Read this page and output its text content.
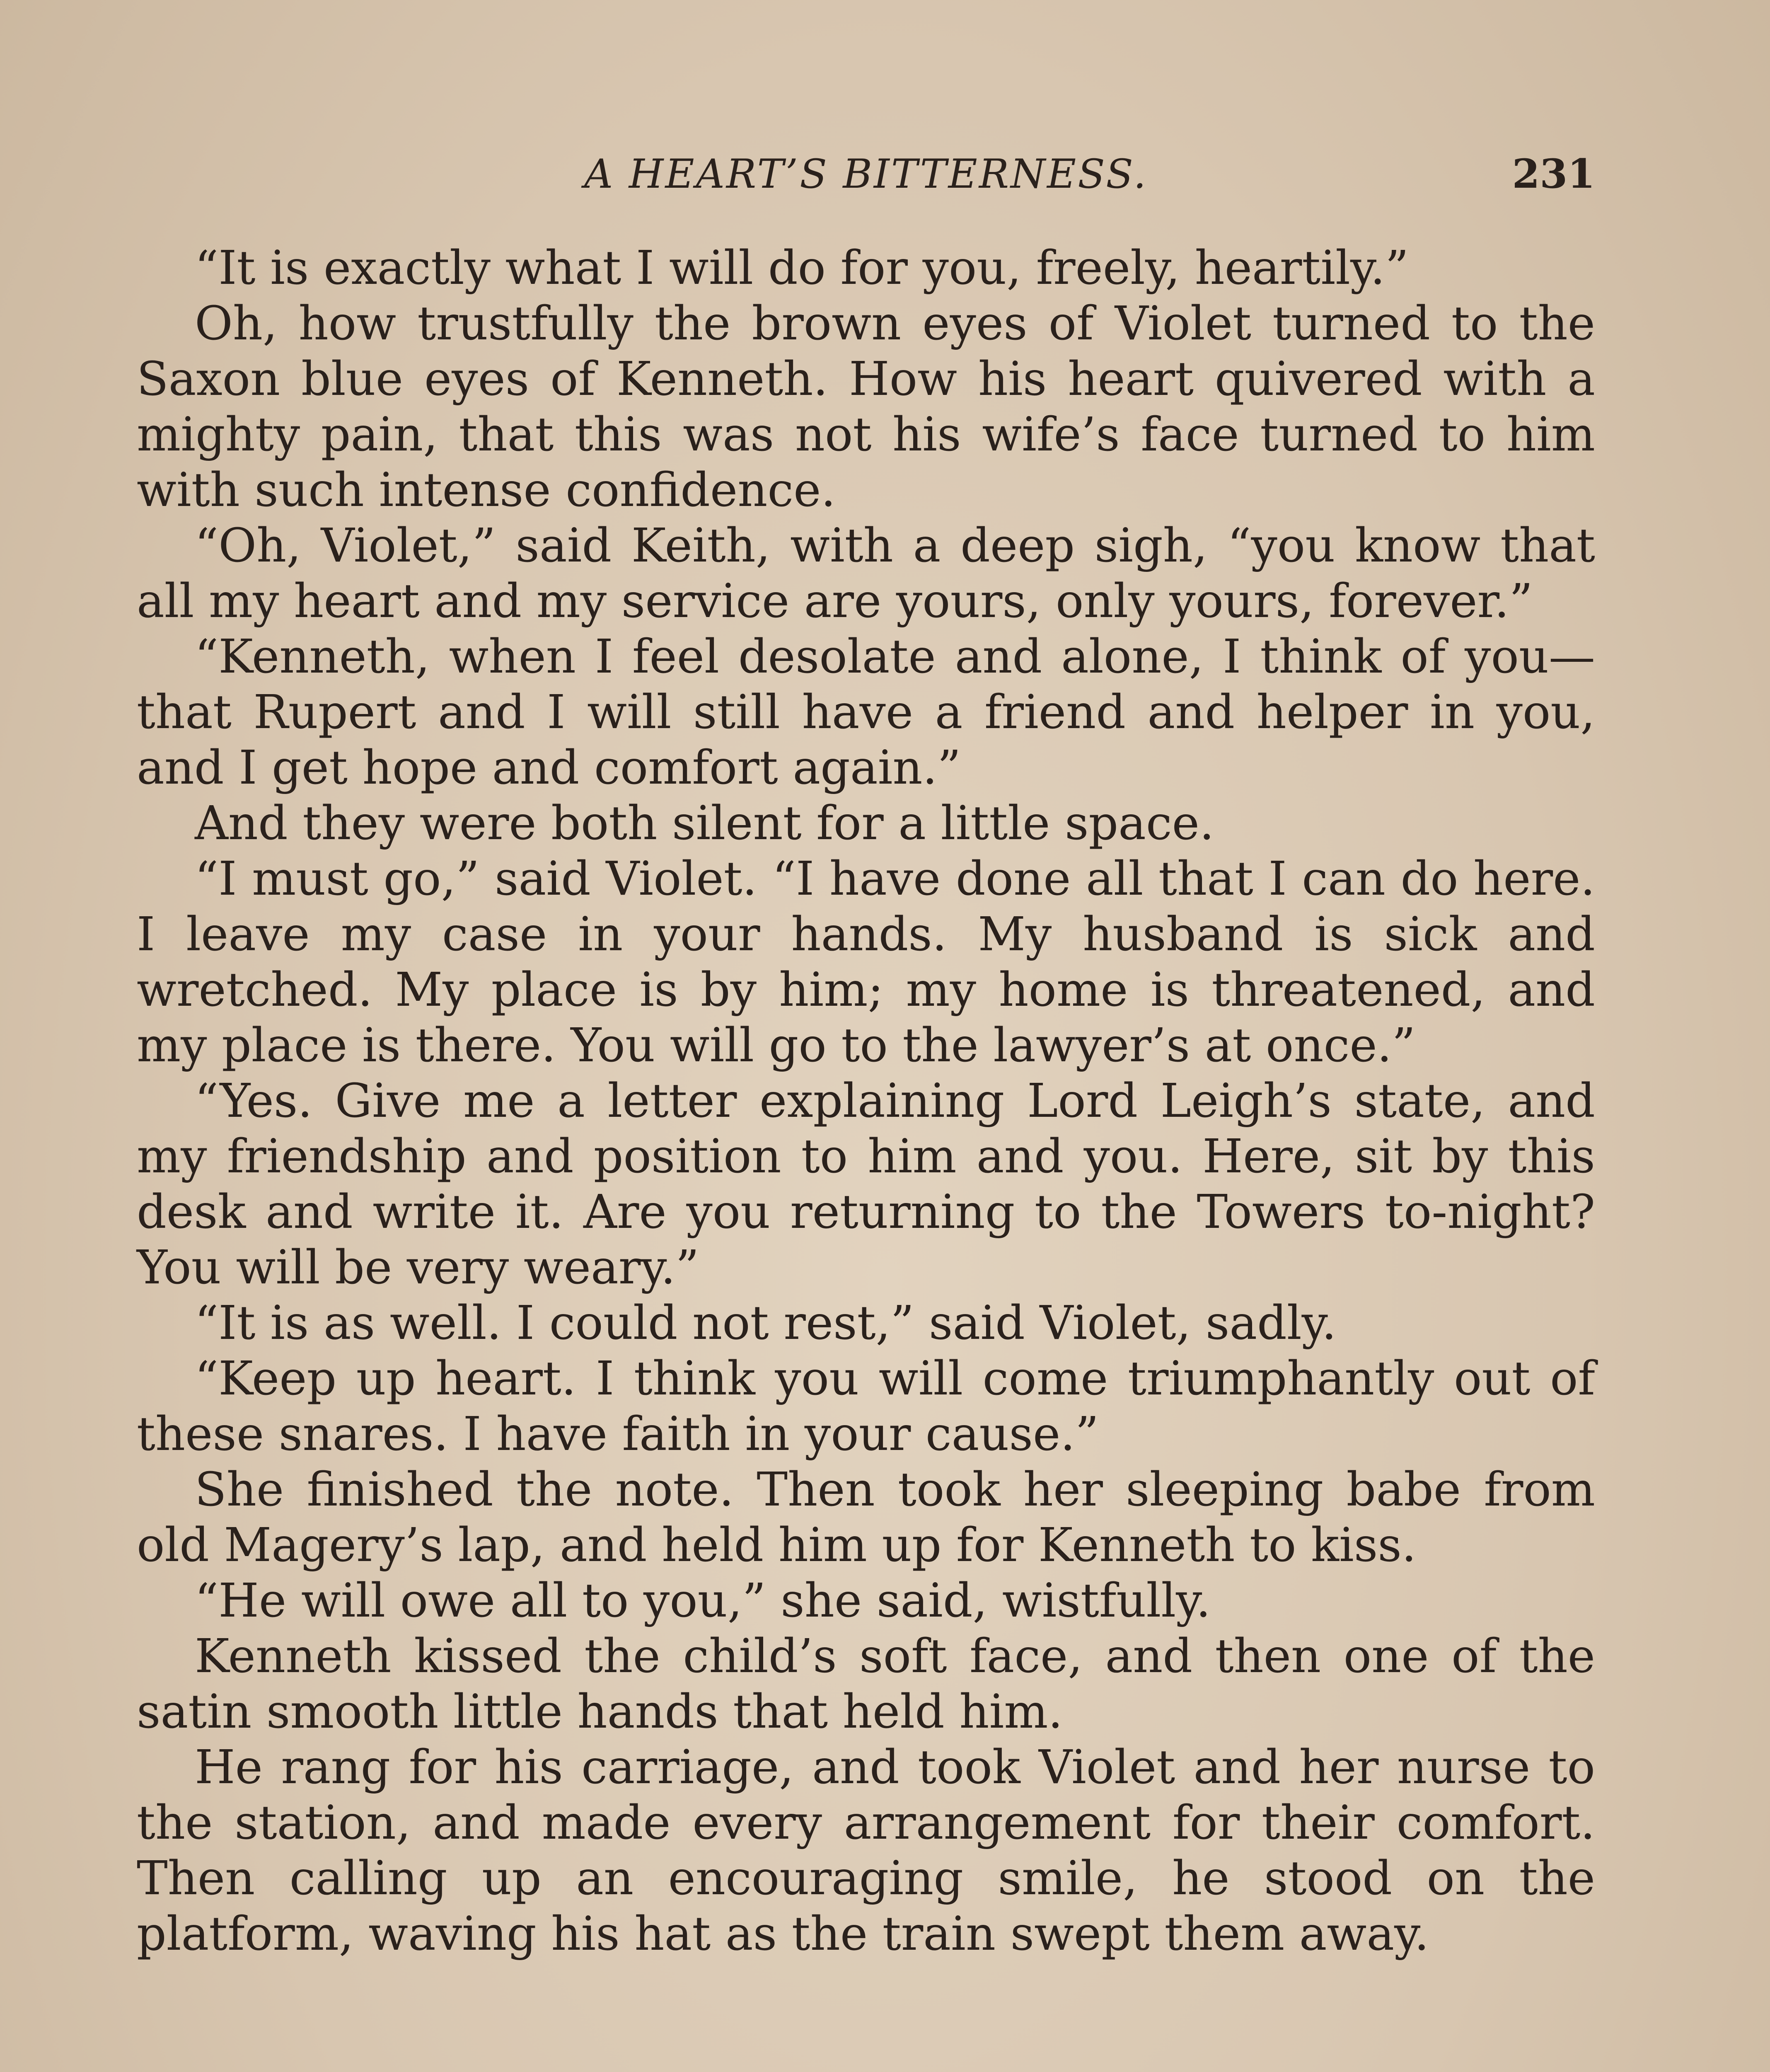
A HEART’S BITTERNESS.	231

“It is exactly what I will do for you, freely, heartily.”

Oh, how trustfully the brown eyes of Violet turned to the Saxon blue eyes of Kenneth. How his heart quivered with a mighty pain, that this was not his wife’s face turned to him with such intense confidence.

“Oh, Violet,” said Keith, with a deep sigh, “you know that all my heart and my service are yours, only yours, forever.”

“Kenneth, when I feel desolate and alone, I think of you—that Rupert and I will still have a friend and helper in you, and I get hope and comfort again.”

And they were both silent for a little space.

“I must go,” said Violet. “I have done all that I can do here. I leave my case in your hands. My husband is sick and wretched. My place is by him; my home is threatened, and my place is there. You will go to the lawyer’s at once.”

“Yes. Give me a letter explaining Lord Leigh’s state, and my friendship and position to him and you. Here, sit by this desk and write it. Are you returning to the Towers to-night? You will be very weary.”

“It is as well. I could not rest,” said Violet, sadly.

“Keep up heart. I think you will come triumphantly out of these snares. I have faith in your cause.”

She finished the note. Then took her sleeping babe from old Magery’s lap, and held him up for Kenneth to kiss.

“He will owe all to you,” she said, wistfully.

Kenneth kissed the child’s soft face, and then one of the satin smooth little hands that held him.

He rang for his carriage, and took Violet and her nurse to the station, and made every arrangement for their comfort. Then calling up an encouraging smile, he stood on the platform, waving his hat as the train swept them away.
